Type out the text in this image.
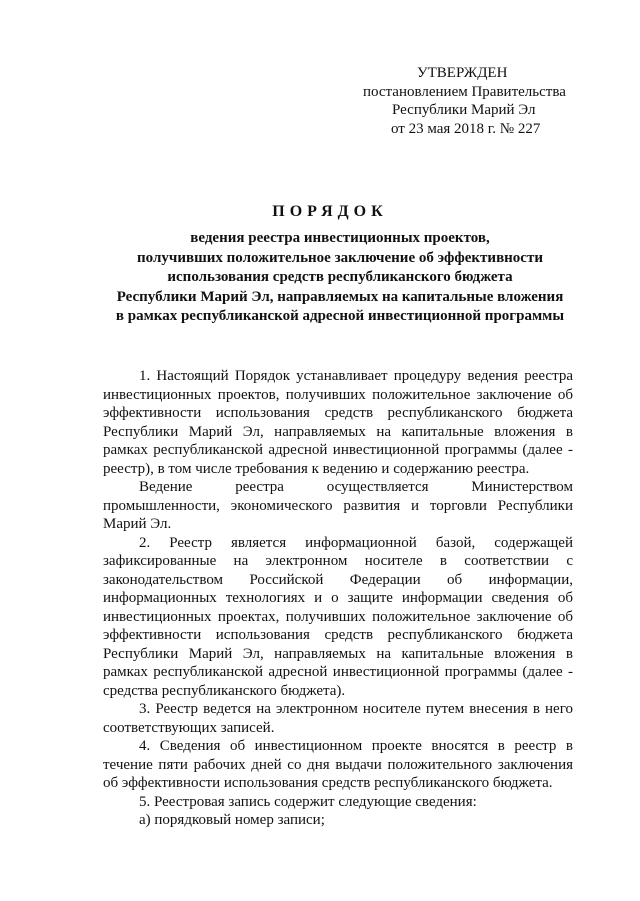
УТВЕРЖДЕН
постановлением Правительства
Республики Марий Эл
от 23 мая 2018 г. № 227
ПОРЯДОК
ведения реестра инвестиционных проектов,
получивших положительное заключение об эффективности
использования средств республиканского бюджета
Республики Марий Эл, направляемых на капитальные вложения
в рамках республиканской адресной инвестиционной программы

1. Настоящий Порядок устанавливает процедуру ведения реестра инвестиционных проектов, получивших положительное заключение об эффективности использования средств республиканского бюджета Республики Марий Эл, направляемых на капитальные вложения в рамках республиканской адресной инвестиционной программы (далее - реестр), в том числе требования к ведению и содержанию реестра.

Ведение реестра осуществляется Министерством промышленности, экономического развития и торговли Республики Марий Эл.

2. Реестр является информационной базой, содержащей зафиксированные на электронном носителе в соответствии с законодательством Российской Федерации об информации, информационных технологиях и о защите информации сведения об инвестиционных проектах, получивших положительное заключение об эффективности использования средств республиканского бюджета Республики Марий Эл, направляемых на капитальные вложения в рамках республиканской адресной инвестиционной программы (далее - средства республиканского бюджета).

3. Реестр ведется на электронном носителе путем внесения в него соответствующих записей.

4. Сведения об инвестиционном проекте вносятся в реестр в течение пяти рабочих дней со дня выдачи положительного заключения об эффективности использования средств республиканского бюджета.

5. Реестровая запись содержит следующие сведения:

а) порядковый номер записи;
